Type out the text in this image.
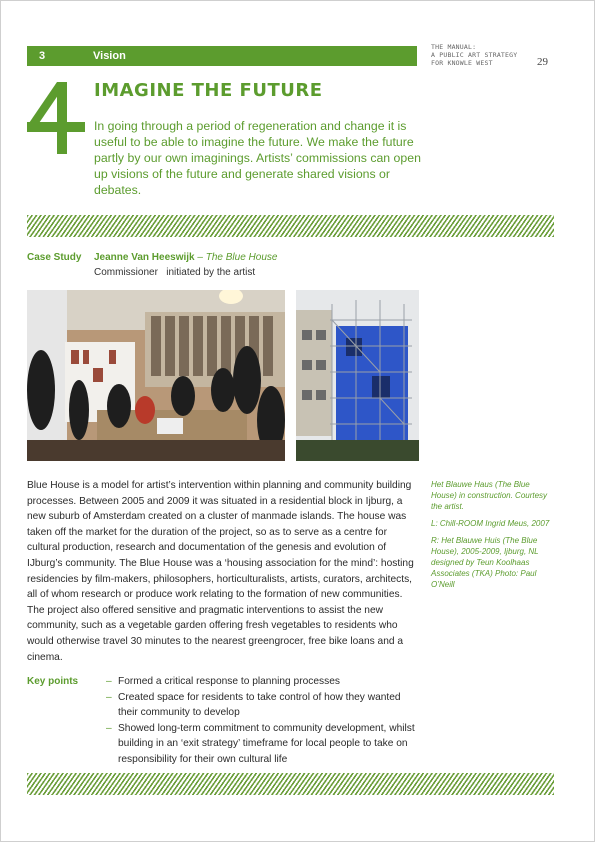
3	Vision
THE MANUAL:
A PUBLIC ART STRATEGY
FOR KNOWLE WEST	29
IMAGINE THE FUTURE
In going through a period of regeneration and change it is useful to be able to imagine the future. We make the future partly by our own imaginings. Artists’ commissions can open up visions of the future and generate shared visions or debates.
Case Study Jeanne Van Heeswijk – The Blue House
Commissioner initiated by the artist
Blue House is a model for artist’s intervention within planning and community building processes. Between 2005 and 2009 it was situated in a residential block in Ijburg, a new suburb of Amsterdam created on a cluster of manmade islands. The house was taken off the market for the duration of the project, so as to serve as a centre for cultural production, research and documentation of the genesis and evolution of IJburg’s community. The Blue House was a ‘housing association for the mind’: hosting residencies by film-makers, philosophers, horticulturalists, artists, curators, architects, all of whom research or produce work relating to the formation of new communities. The project also offered sensitive and pragmatic interventions to assist the new community, such as a vegetable garden offering fresh vegetables to residents who would otherwise travel 30 minutes to the nearest greengrocer, free bike loans and a cinema.

Het Blauwe Haus (The Blue House) in construction. Courtesy the artist.

L: Chill-ROOM Ingrid Meus, 2007

R: Het Blauwe Huis (The Blue House), 2005-2009, Ijburg, NL designed by Teun Koolhaas Associates (TKA) Photo: Paul O’Neill

Key points
–	Formed a critical response to planning processes
– Created space for residents to take control of how they wanted their community to develop
– Showed long-term commitment to community development, whilst building in an ‘exit strategy’ timeframe for local people to take on responsibility for their own cultural life
